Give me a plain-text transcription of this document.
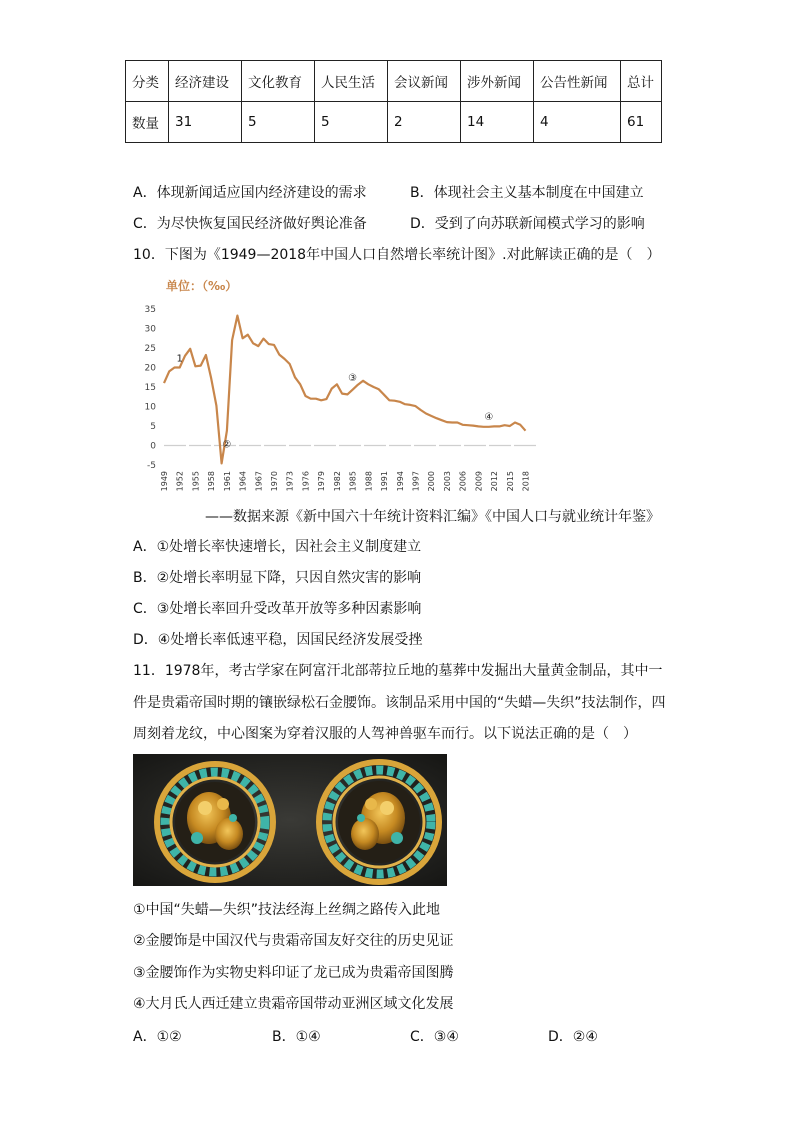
分类	经济建设	文化教育	人民生活	会议新闻	涉外新闻	公告性新闻	总计
数量	31	5	5	2	14	4	61
A．体现新闻适应国内经济建设的需求	B．体现社会主义基本制度在中国建立
C．为尽快恢复国民经济做好舆论准备	D．受到了向苏联新闻模式学习的影响
10．下图为《1949—2018年中国人口自然增长率统计图》.对此解读正确的是（　）
单位：（‰）
-5
0
5
10
15
20
25
30
35
1949 1952 1955 1958 1961 1964 1967 1970 1973 1976 1979 1982 1985 1988 1991 1994 1997 2000 2003 2006 2009 2012 2015 2018
1
②
③
④
——数据来源《新中国六十年统计资料汇编》《中国人口与就业统计年鉴》
A．①处增长率快速增长，因社会主义制度建立
B．②处增长率明显下降，只因自然灾害的影响
C．③处增长率回升受改革开放等多种因素影响
D．④处增长率低速平稳，因国民经济发展受挫
11．1978年，考古学家在阿富汗北部蒂拉丘地的墓葬中发掘出大量黄金制品，其中一
件是贵霜帝国时期的镶嵌绿松石金腰饰。该制品采用中国的“失蜡—失织”技法制作，四
周刻着龙纹，中心图案为穿着汉服的人驾神兽驱车而行。以下说法正确的是（　）
①中国“失蜡—失织”技法经海上丝绸之路传入此地
②金腰饰是中国汉代与贵霜帝国友好交往的历史见证
③金腰饰作为实物史料印证了龙已成为贵霜帝国图腾
④大月氏人西迁建立贵霜帝国带动亚洲区域文化发展
A．①②	B．①④	C．③④	D．②④
